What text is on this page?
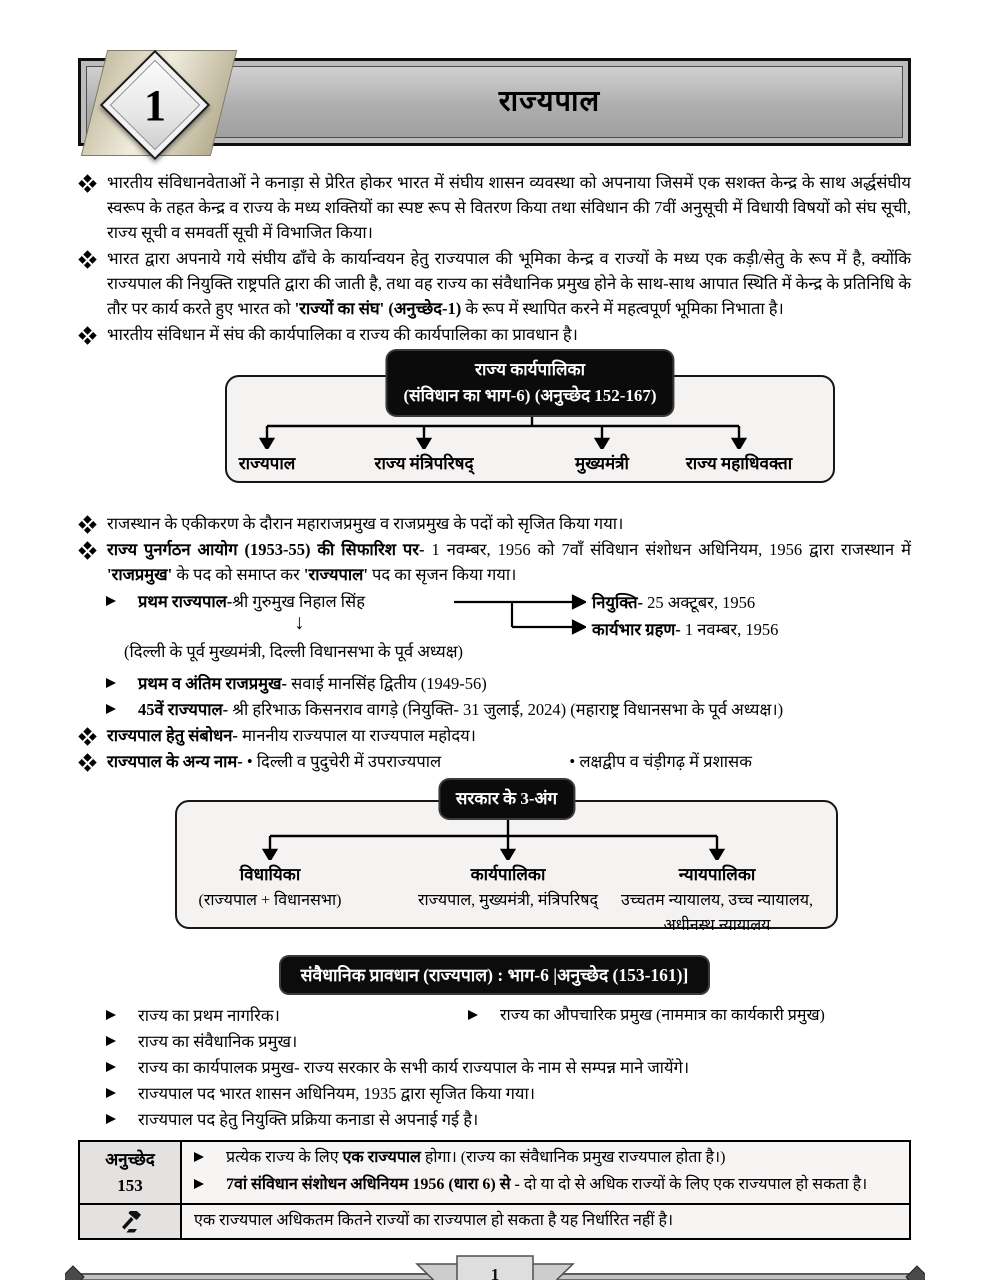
राज्यपाल
1

भारतीय संविधानवेताओं ने कनाड़ा से प्रेरित होकर भारत में संघीय शासन व्यवस्था को अपनाया जिसमें एक सशक्त केन्द्र के साथ अर्द्धसंघीय स्वरूप के तहत केन्द्र व राज्य के मध्य शक्तियों का स्पष्ट रूप से वितरण किया तथा संविधान की 7वीं अनुसूची में विधायी विषयों को संघ सूची, राज्य सूची व समवर्ती सूची में विभाजित किया।

भारत द्वारा अपनाये गये संघीय ढाँचे के कार्यान्वयन हेतु राज्यपाल की भूमिका केन्द्र व राज्यों के मध्य एक कड़ी/सेतु के रूप में है, क्योंकि राज्यपाल की नियुक्ति राष्ट्रपति द्वारा की जाती है, तथा वह राज्य का संवैधानिक प्रमुख होने के साथ-साथ आपात स्थिति में केन्द्र के प्रतिनिधि के तौर पर कार्य करते हुए भारत को 'राज्यों का संघ' (अनुच्छेद-1) के रूप में स्थापित करने में महत्वपूर्ण भूमिका निभाता है।

भारतीय संविधान में संघ की कार्यपालिका व राज्य की कार्यपालिका का प्रावधान है।

राज्य कार्यपालिका
(संविधान का भाग-6) (अनुच्छेद 152-167)
राज्यपाल	राज्य मंत्रिपरिषद्	मुख्यमंत्री	राज्य महाधिवक्ता

राजस्थान के एकीकरण के दौरान महाराजप्रमुख व राजप्रमुख के पदों को सृजित किया गया।

राज्य पुनर्गठन आयोग (1953-55) की सिफारिश पर- 1 नवम्बर, 1956 को 7वाँ संविधान संशोधन अधिनियम, 1956 द्वारा राजस्थान में 'राजप्रमुख' के पद को समाप्त कर 'राज्यपाल' पद का सृजन किया गया।

प्रथम राज्यपाल- श्री गुरुमुख निहाल सिंह	नियुक्ति- 25 अक्टूबर, 1956
कार्यभार ग्रहण- 1 नवम्बर, 1956
↓
(दिल्ली के पूर्व मुख्यमंत्री, दिल्ली विधानसभा के पूर्व अध्यक्ष)

प्रथम व अंतिम राजप्रमुख- सवाई मानसिंह द्वितीय (1949-56)

45वें राज्यपाल- श्री हरिभाऊ किसनराव वागड़े (नियुक्ति- 31 जुलाई, 2024) (महाराष्ट्र विधानसभा के पूर्व अध्यक्ष।)

राज्यपाल हेतु संबोधन- माननीय राज्यपाल या राज्यपाल महोदय।

राज्यपाल के अन्य नाम- • दिल्ली व पुदुचेरी में उपराज्यपाल	• लक्षद्वीप व चंड़ीगढ़ में प्रशासक

सरकार के 3-अंग
विधायिका
(राज्यपाल + विधानसभा)
कार्यपालिका
राज्यपाल, मुख्यमंत्री, मंत्रिपरिषद्
न्यायपालिका
उच्चतम न्यायालय, उच्च न्यायालय, अधीनस्थ न्यायालय
संवैधानिक प्रावधान (राज्यपाल) : भाग-6 |अनुच्छेद (153-161)]

राज्य का प्रथम नागरिक।	राज्य का औपचारिक प्रमुख (नाममात्र का कार्यकारी प्रमुख)

राज्य का संवैधानिक प्रमुख।

राज्य का कार्यपालक प्रमुख- राज्य सरकार के सभी कार्य राज्यपाल के नाम से सम्पन्न माने जायेंगे।

राज्यपाल पद भारत शासन अधिनियम, 1935 द्वारा सृजित किया गया।

राज्यपाल पद हेतु नियुक्ति प्रक्रिया कनाडा से अपनाई गई है।

अनुच्छेद
153

प्रत्येक राज्य के लिए एक राज्यपाल होगा। (राज्य का संवैधानिक प्रमुख राज्यपाल होता है।)

7वां संविधान संशोधन अधिनियम 1956 (धारा 6) से - दो या दो से अधिक राज्यों के लिए एक राज्यपाल हो सकता है।

एक राज्यपाल अधिकतम कितने राज्यों का राज्यपाल हो सकता है यह निर्धारित नहीं है।

1
